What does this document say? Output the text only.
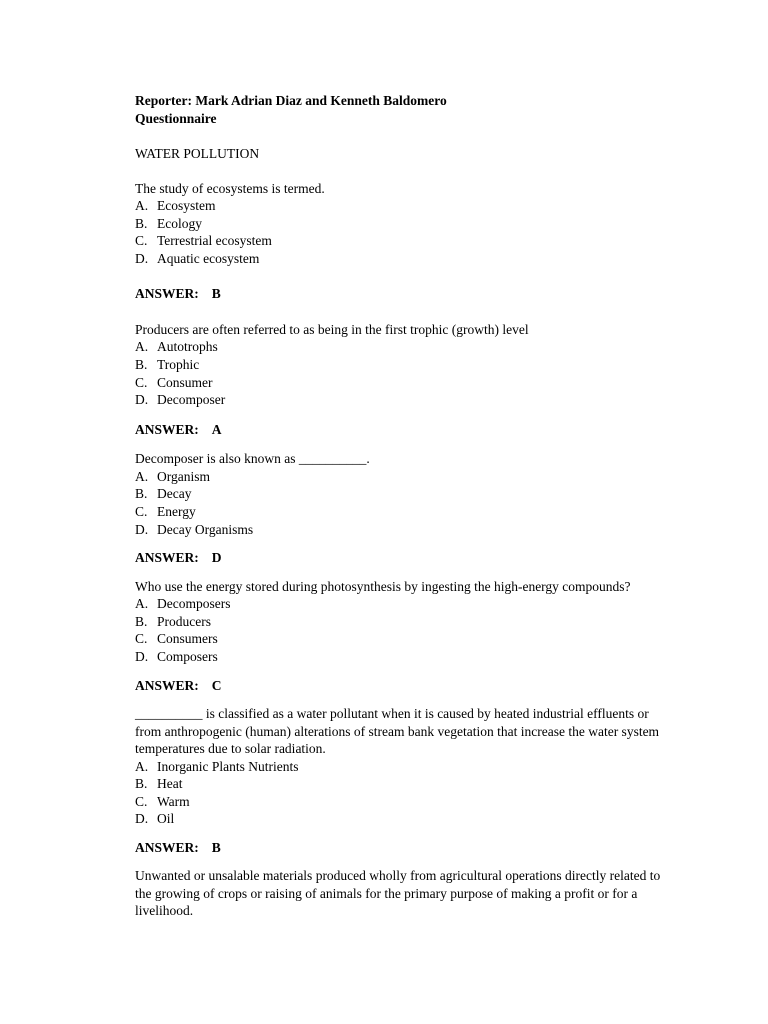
Reporter: Mark Adrian Diaz and Kenneth Baldomero
Questionnaire
WATER POLLUTION
The study of ecosystems is termed.
A. Ecosystem
B. Ecology
C. Terrestrial ecosystem
D. Aquatic ecosystem
ANSWER: B
Producers are often referred to as being in the first trophic (growth) level
A. Autotrophs
B. Trophic
C. Consumer
D. Decomposer
ANSWER: A
Decomposer is also known as __________.
A. Organism
B. Decay
C. Energy
D. Decay Organisms
ANSWER: D
Who use the energy stored during photosynthesis by ingesting the high-energy compounds?
A. Decomposers
B. Producers
C. Consumers
D. Composers
ANSWER: C
__________ is classified as a water pollutant when it is caused by heated industrial effluents or
from anthropogenic (human) alterations of stream bank vegetation that increase the water system
temperatures due to solar radiation.
A. Inorganic Plants Nutrients
B. Heat
C. Warm
D. Oil
ANSWER: B
Unwanted or unsalable materials produced wholly from agricultural operations directly related to
the growing of crops or raising of animals for the primary purpose of making a profit or for a
livelihood.
